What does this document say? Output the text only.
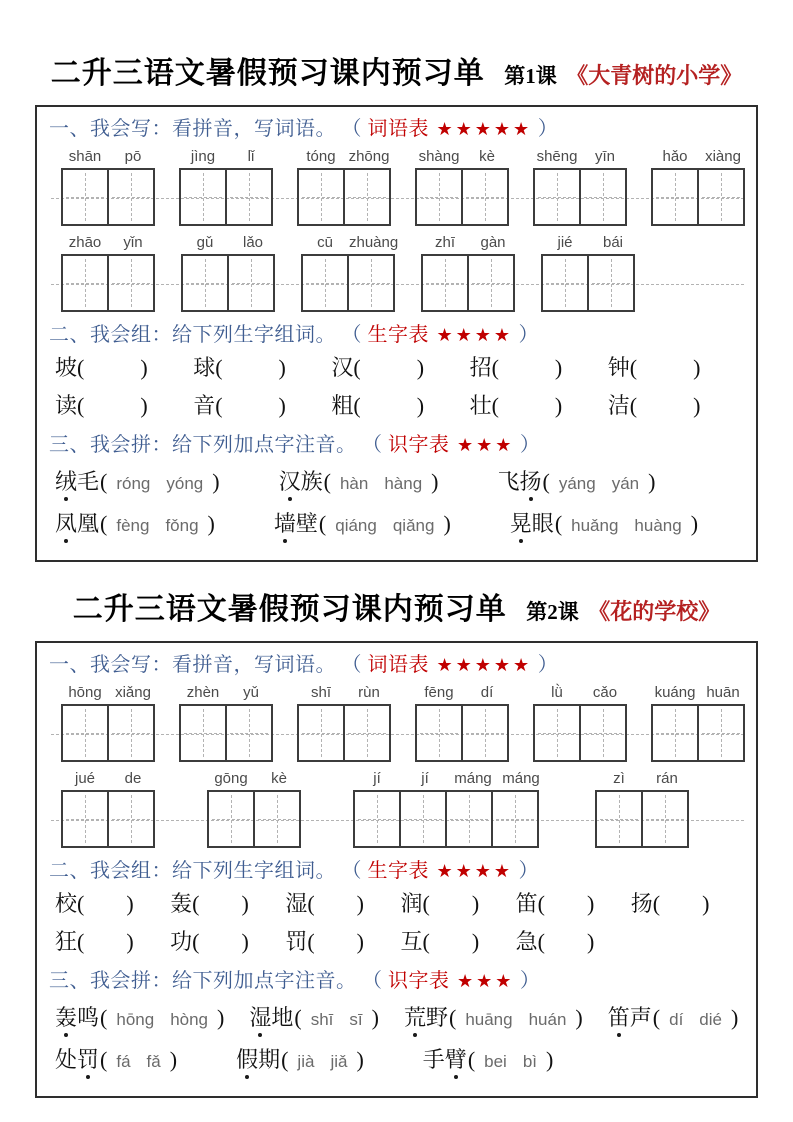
二升三语文暑假预习课内预习单 第1课 《大青树的小学》
一、我会写：看拼音，写词语。 （ 词语表 ★★★★★ ）
shān	pō	jìng	lǐ	tóng zhōng shàng	kè	shēng	yīn	hǎo	xiàng
zhāo	yǐn	gǔ	lǎo	cū	zhuàng	zhī	gàn	jié	bái
二、我会组：给下列生字组词。 （ 生字表 ★★★★ ）
坡 (	) 球 (	) 汉 (	) 招 (	) 钟 (	)
读 (	) 音 (	) 粗 (	) 壮 (	) 洁 (	)
三、我会拼：给下列加点字注音。 （ 识字表 ★★★ ）
绒毛 ( róng yóng )	汉族 ( hàn hàng )	飞扬 ( yáng yán )
凤凰 ( fèng fǒng )	墙壁 ( qiáng qiǎng )	晃眼 ( huǎng huàng )
二升三语文暑假预习课内预习单 第2课 《花的学校》
一、我会写：看拼音，写词语。 （ 词语表 ★★★★★ ）
hōng xiǎng	zhèn	yǔ	shī	rùn	fēng	dí	lǜ	cǎo	kuáng huān
jué	de	gōng	kè	jí	jí	máng máng	zì	rán
二、我会组：给下列生字组词。 （ 生字表 ★★★★ ）
校 ( ) 轰 ( ) 湿 ( ) 润 ( ) 笛 ( ) 扬 ( )
狂 ( ) 功 ( ) 罚 ( ) 互 ( ) 急 ( )
三、我会拼：给下列加点字注音。 （ 识字表 ★★★ ）
轰鸣 ( hōng hòng ) 湿地 ( shī sī ) 荒野 ( huāng huán ) 笛声 ( dí dié )
处罚 ( fá fǎ )	假期 ( jià jiǎ )	手臂 ( bei bì )
